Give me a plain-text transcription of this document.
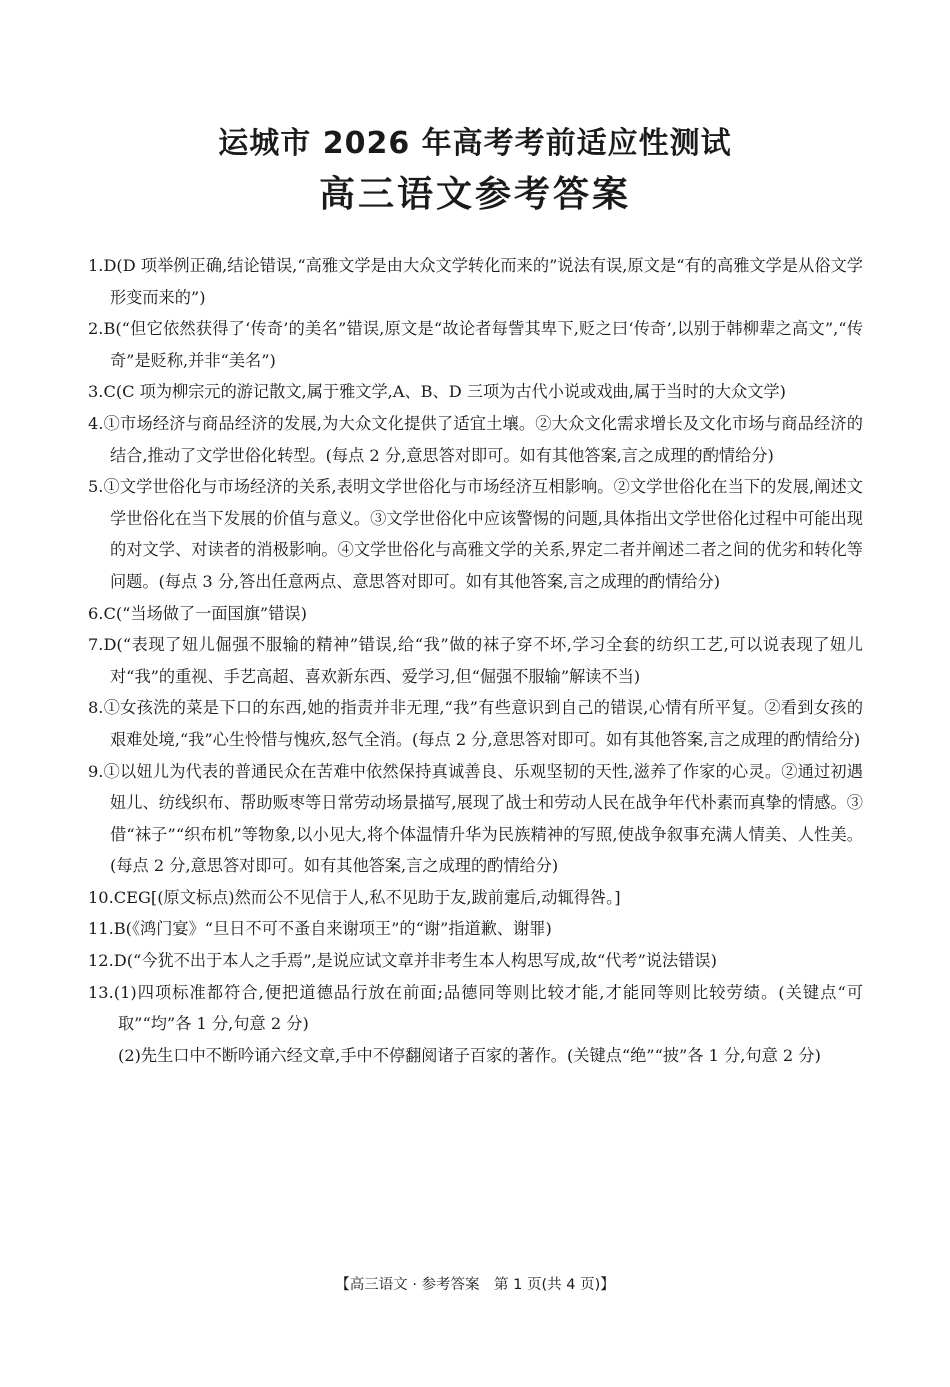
运城市 2026 年高考考前适应性测试
高三语文参考答案

1.D(D 项举例正确,结论错误,“高雅文学是由大众文学转化而来的”说法有误,原文是“有的高雅文学是从俗文学形变而来的”)

2.B(“但它依然获得了‘传奇’的美名”错误,原文是“故论者每訾其卑下,贬之曰‘传奇’,以别于韩柳辈之高文”,“传奇”是贬称,并非“美名”)

3.C(C 项为柳宗元的游记散文,属于雅文学,A、B、D 三项为古代小说或戏曲,属于当时的大众文学)

4.①市场经济与商品经济的发展,为大众文化提供了适宜土壤。②大众文化需求增长及文化市场与商品经济的结合,推动了文学世俗化转型。(每点 2 分,意思答对即可。如有其他答案,言之成理的酌情给分)

5.①文学世俗化与市场经济的关系,表明文学世俗化与市场经济互相影响。②文学世俗化在当下的发展,阐述文学世俗化在当下发展的价值与意义。③文学世俗化中应该警惕的问题,具体指出文学世俗化过程中可能出现的对文学、对读者的消极影响。④文学世俗化与高雅文学的关系,界定二者并阐述二者之间的优劣和转化等问题。(每点 3 分,答出任意两点、意思答对即可。如有其他答案,言之成理的酌情给分)

6.C(“当场做了一面国旗”错误)

7.D(“表现了妞儿倔强不服输的精神”错误,给“我”做的袜子穿不坏,学习全套的纺织工艺,可以说表现了妞儿对“我”的重视、手艺高超、喜欢新东西、爱学习,但“倔强不服输”解读不当)

8.①女孩洗的菜是下口的东西,她的指责并非无理,“我”有些意识到自己的错误,心情有所平复。②看到女孩的艰难处境,“我”心生怜惜与愧疚,怒气全消。(每点 2 分,意思答对即可。如有其他答案,言之成理的酌情给分)

9.①以妞儿为代表的普通民众在苦难中依然保持真诚善良、乐观坚韧的天性,滋养了作家的心灵。②通过初遇妞儿、纺线织布、帮助贩枣等日常劳动场景描写,展现了战士和劳动人民在战争年代朴素而真挚的情感。③借“袜子”“织布机”等物象,以小见大,将个体温情升华为民族精神的写照,使战争叙事充满人情美、人性美。(每点 2 分,意思答对即可。如有其他答案,言之成理的酌情给分)

10.CEG[(原文标点)然而公不见信于人,私不见助于友,跋前疐后,动辄得咎。]

11.B(《鸿门宴》“旦日不可不蚤自来谢项王”的“谢”指道歉、谢罪)

12.D(“今犹不出于本人之手焉”,是说应试文章并非考生本人构思写成,故“代考”说法错误)

13.(1)四项标准都符合,便把道德品行放在前面;品德同等则比较才能,才能同等则比较劳绩。(关键点“可取”“均”各 1 分,句意 2 分)

(2)先生口中不断吟诵六经文章,手中不停翻阅诸子百家的著作。(关键点“绝”“披”各 1 分,句意 2 分)

【高三语文 · 参考答案　第 1 页(共 4 页)】
